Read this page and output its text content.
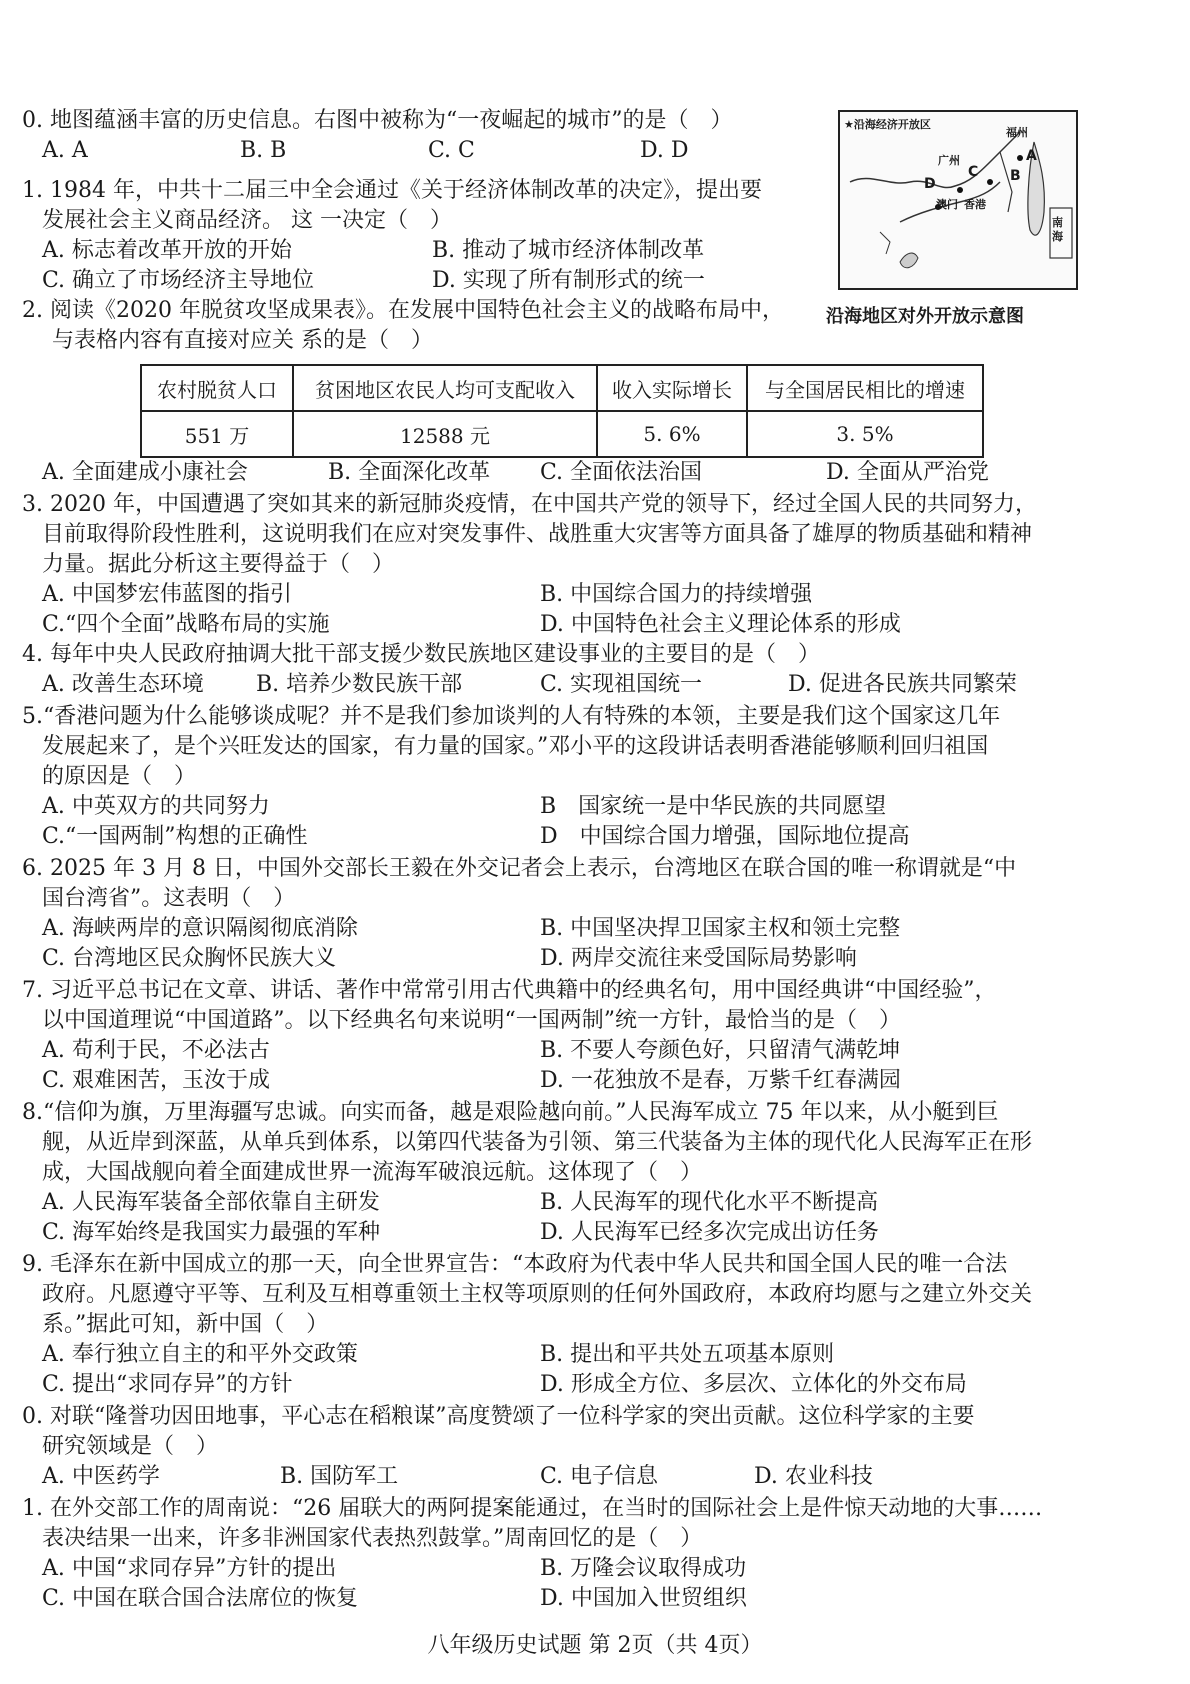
0. 地图蕴涵丰富的历史信息。右图中被称为“一夜崛起的城市”的是（　）
A. A	B. B	C. C	D. D
★沿海经济开放区
广州
福州
A
B
C
D
澳门 香港
南海
沿海地区对外开放示意图
1. 1984 年，中共十二届三中全会通过《关于经济体制改革的决定》，提出要
发展社会主义商品经济。 这 一决定（　）
A. 标志着改革开放的开始	B. 推动了城市经济体制改革
C. 确立了市场经济主导地位	D. 实现了所有制形式的统一
2. 阅读《2020 年脱贫攻坚成果表》。在发展中国特色社会主义的战略布局中，
与表格内容有直接对应关 系的是（　）
农村脱贫人口	贫困地区农民人均可支配收入	收入实际增长	与全国居民相比的增速
551 万	12588 元	5. 6%	3. 5%
A. 全面建成小康社会	B. 全面深化改革 C. 全面依法治国	D. 全面从严治党
3. 2020 年，中国遭遇了突如其来的新冠肺炎疫情，在中国共产党的领导下，经过全国人民的共同努力，
目前取得阶段性胜利，这说明我们在应对突发事件、战胜重大灾害等方面具备了雄厚的物质基础和精神
力量。据此分析这主要得益于（　）
A. 中国梦宏伟蓝图的指引	B. 中国综合国力的持续增强
C.“四个全面”战略布局的实施	D. 中国特色社会主义理论体系的形成
4. 每年中央人民政府抽调大批干部支援少数民族地区建设事业的主要目的是（　）
A. 改善生态环境 B. 培养少数民族干部	C. 实现祖国统一	D. 促进各民族共同繁荣
5.“香港问题为什么能够谈成呢？并不是我们参加谈判的人有特殊的本领，主要是我们这个国家这几年
发展起来了，是个兴旺发达的国家，有力量的国家。”邓小平的这段讲话表明香港能够顺利回归祖国
的原因是（　）
A. 中英双方的共同努力	B　国家统一是中华民族的共同愿望
C.“一国两制”构想的正确性	D　中国综合国力增强，国际地位提高
6. 2025 年 3 月 8 日，中国外交部长王毅在外交记者会上表示，台湾地区在联合国的唯一称谓就是“中
国台湾省”。这表明（　）
A. 海峡两岸的意识隔阂彻底消除	B. 中国坚决捍卫国家主权和领土完整
C. 台湾地区民众胸怀民族大义	D. 两岸交流往来受国际局势影响
7. 习近平总书记在文章、讲话、著作中常常引用古代典籍中的经典名句，用中国经典讲“中国经验”，
以中国道理说“中国道路”。以下经典名句来说明“一国两制”统一方针，最恰当的是（　）
A. 苟利于民，不必法古	B. 不要人夸颜色好，只留清气满乾坤
C. 艰难困苦，玉汝于成	D. 一花独放不是春，万紫千红春满园
8.“信仰为旗，万里海疆写忠诚。向实而备，越是艰险越向前。”人民海军成立 75 年以来，从小艇到巨
舰，从近岸到深蓝，从单兵到体系，以第四代装备为引领、第三代装备为主体的现代化人民海军正在形
成，大国战舰向着全面建成世界一流海军破浪远航。这体现了（　）
A. 人民海军装备全部依靠自主研发	B. 人民海军的现代化水平不断提高
C. 海军始终是我国实力最强的军种	D. 人民海军已经多次完成出访任务
9. 毛泽东在新中国成立的那一天，向全世界宣告：“本政府为代表中华人民共和国全国人民的唯一合法
政府。凡愿遵守平等、互利及互相尊重领土主权等项原则的任何外国政府，本政府均愿与之建立外交关
系。”据此可知，新中国（　）
A. 奉行独立自主的和平外交政策	B. 提出和平共处五项基本原则
C. 提出“求同存异”的方针	D. 形成全方位、多层次、立体化的外交布局
0. 对联“隆誉功因田地事，平心志在稻粮谋”高度赞颂了一位科学家的突出贡献。这位科学家的主要
研究领域是（　）
A. 中医药学	B. 国防军工	C. 电子信息	D. 农业科技
1. 在外交部工作的周南说：“26 届联大的两阿提案能通过，在当时的国际社会上是件惊天动地的大事……
表决结果一出来，许多非洲国家代表热烈鼓掌。”周南回忆的是（　）
A. 中国“求同存异”方针的提出	B. 万隆会议取得成功
C. 中国在联合国合法席位的恢复	D. 中国加入世贸组织
八年级历史试题 第 2页（共 4页）
